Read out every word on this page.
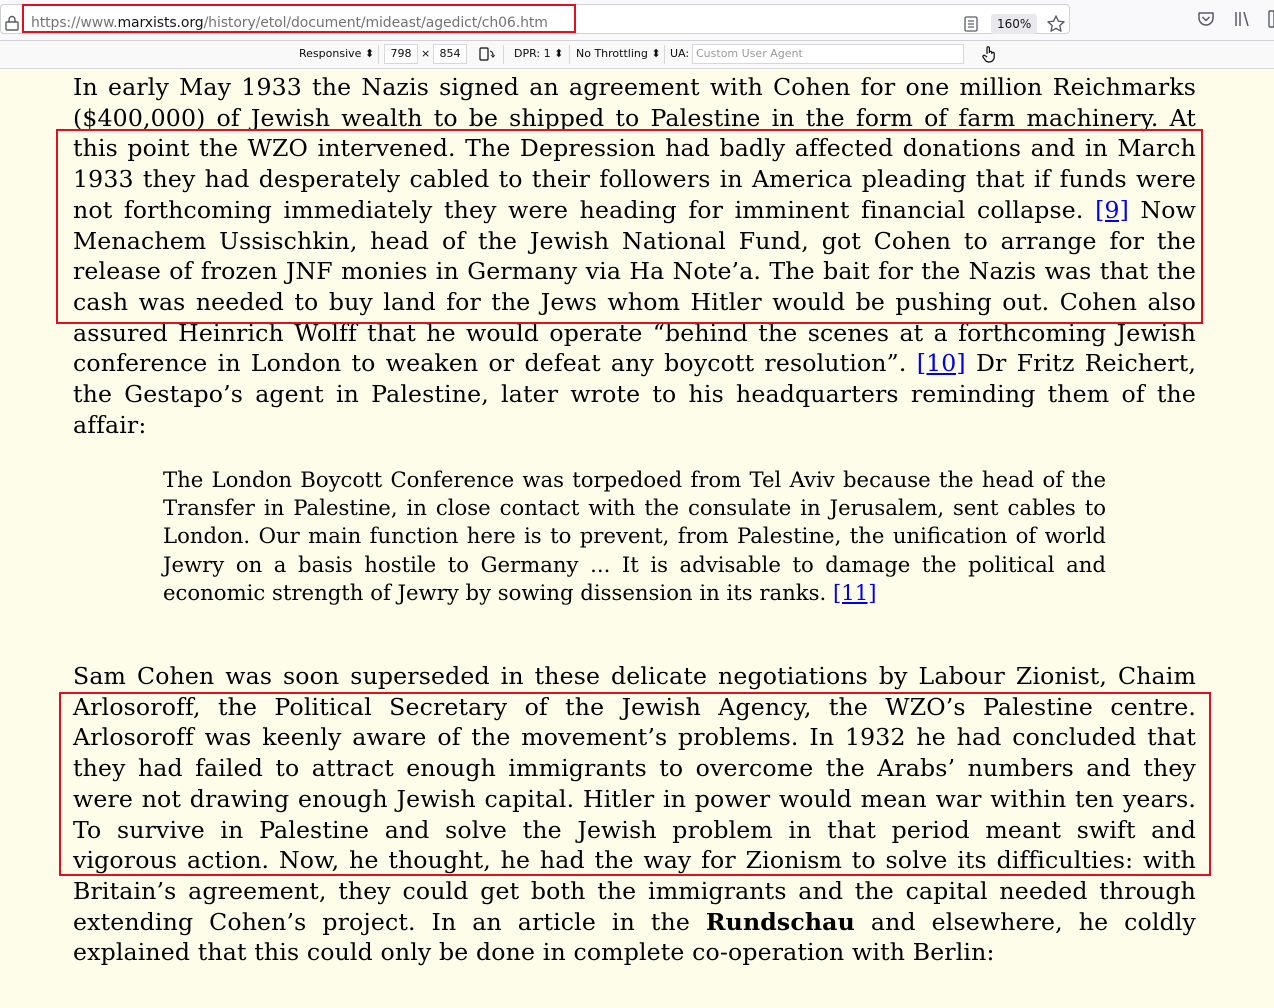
https://www.marxists.org/history/etol/document/mideast/agedict/ch06.htm	160%
Responsive ⬍	798 × 854	DPR: 1 ⬍ No Throttling ⬍ UA: Custom User Agent

In early May 1933 the Nazis signed an agreement with Cohen for one million Reichmarks ($400,000) of Jewish wealth to be shipped to Palestine in the form of farm machinery. At this point the WZO intervened. The Depression had badly affected donations and in March 1933 they had desperately cabled to their followers in America pleading that if funds were not forthcoming immediately they were heading for imminent financial collapse. [9] Now Menachem Ussischkin, head of the Jewish National Fund, got Cohen to arrange for the release of frozen JNF monies in Germany via Ha Note’a. The bait for the Nazis was that the cash was needed to buy land for the Jews whom Hitler would be pushing out. Cohen also assured Heinrich Wolff that he would operate “behind the scenes at a forthcoming Jewish conference in London to weaken or defeat any boycott resolution”. [10] Dr Fritz Reichert, the Gestapo’s agent in Palestine, later wrote to his headquarters reminding them of the affair:

The London Boycott Conference was torpedoed from Tel Aviv because the head of the Transfer in Palestine, in close contact with the consulate in Jerusalem, sent cables to London. Our main function here is to prevent, from Palestine, the unification of world Jewry on a basis hostile to Germany ... It is advisable to damage the political and economic strength of Jewry by sowing dissension in its ranks. [11]

Sam Cohen was soon superseded in these delicate negotiations by Labour Zionist, Chaim Arlosoroff, the Political Secretary of the Jewish Agency, the WZO’s Palestine centre. Arlosoroff was keenly aware of the movement’s problems. In 1932 he had concluded that they had failed to attract enough immigrants to overcome the Arabs’ numbers and they were not drawing enough Jewish capital. Hitler in power would mean war within ten years. To survive in Palestine and solve the Jewish problem in that period meant swift and vigorous action. Now, he thought, he had the way for Zionism to solve its difficulties: with Britain’s agreement, they could get both the immigrants and the capital needed through extending Cohen’s project. In an article in the Rundschau and elsewhere, he coldly explained that this could only be done in complete co-operation with Berlin:
